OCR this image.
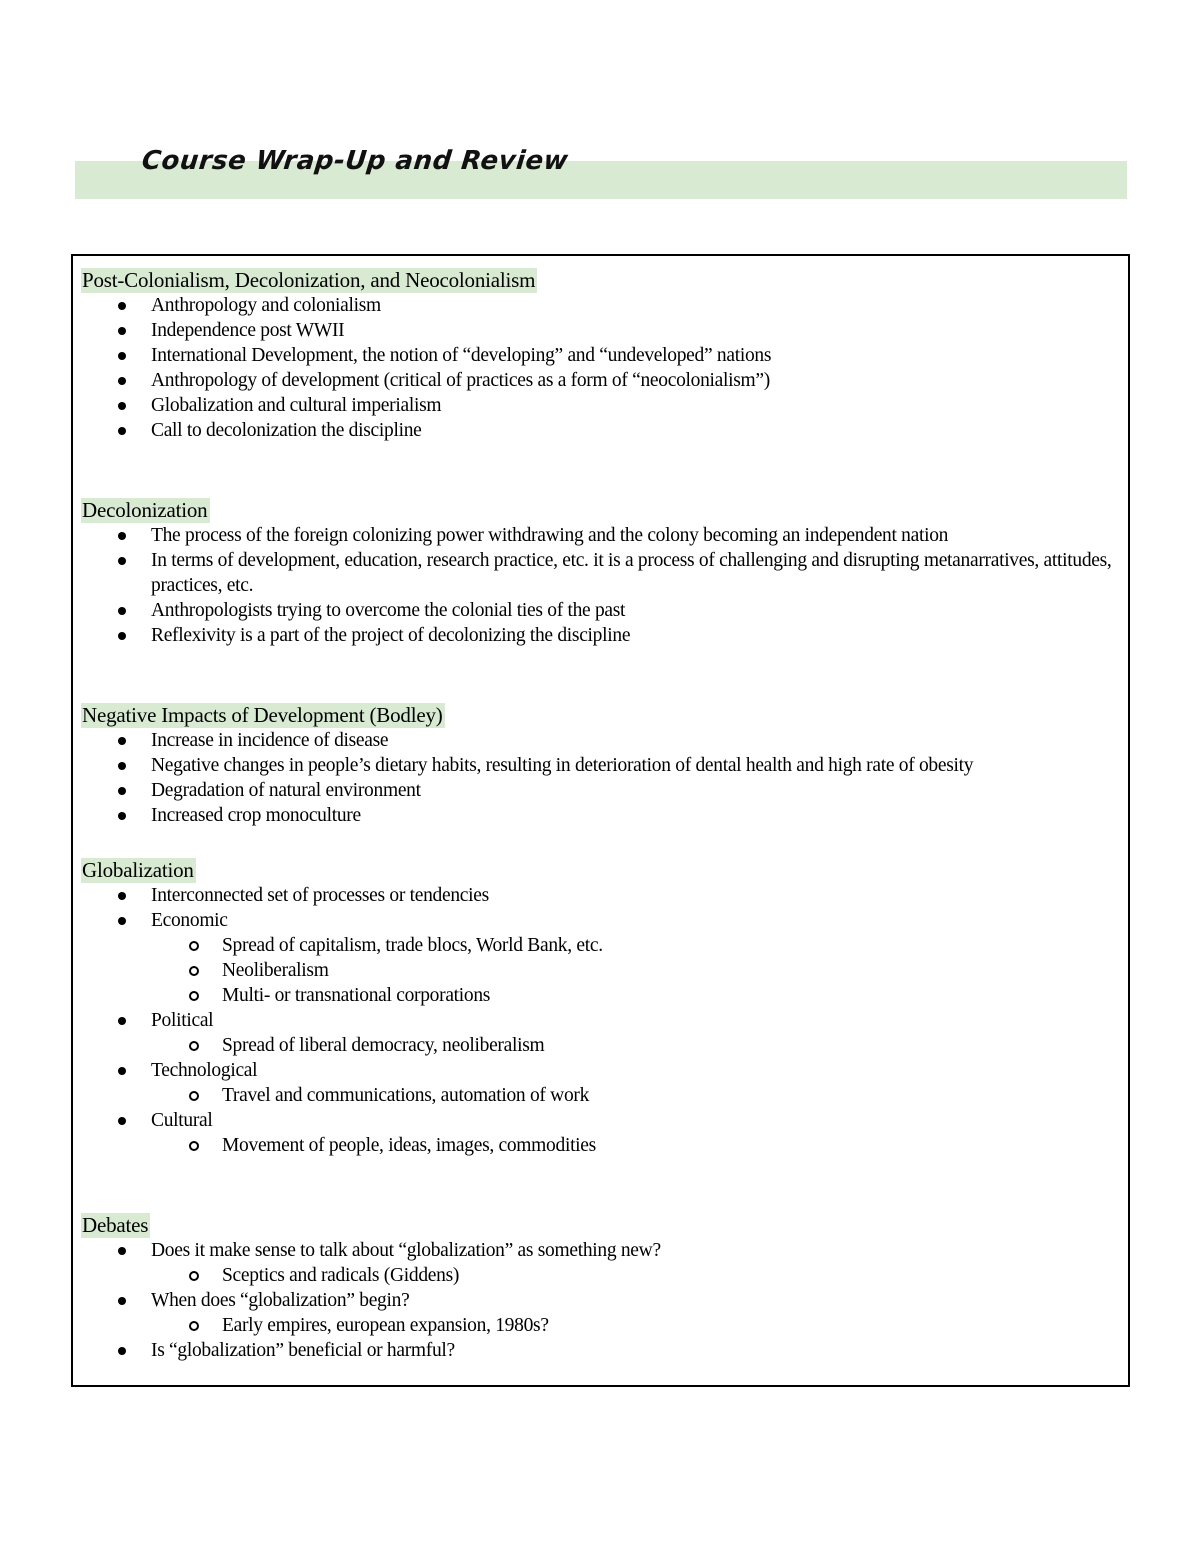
Course Wrap-Up and Review
Post-Colonialism, Decolonization, and Neocolonialism
Anthropology and colonialism
Independence post WWII
International Development, the notion of “developing” and “undeveloped” nations
Anthropology of development (critical of practices as a form of “neocolonialism”)
Globalization and cultural imperialism
Call to decolonization the discipline
Decolonization
The process of the foreign colonizing power withdrawing and the colony becoming an independent nation
In terms of development, education, research practice, etc. it is a process of challenging and disrupting metanarratives, attitudes, practices, etc.
Anthropologists trying to overcome the colonial ties of the past
Reflexivity is a part of the project of decolonizing the discipline
Negative Impacts of Development (Bodley)
Increase in incidence of disease
Negative changes in people’s dietary habits, resulting in deterioration of dental health and high rate of obesity
Degradation of natural environment
Increased crop monoculture
Globalization
Interconnected set of processes or tendencies
Economic
Spread of capitalism, trade blocs, World Bank, etc.
Neoliberalism
Multi- or transnational corporations
Political
Spread of liberal democracy, neoliberalism
Technological
Travel and communications, automation of work
Cultural
Movement of people, ideas, images, commodities
Debates
Does it make sense to talk about “globalization” as something new?
Sceptics and radicals (Giddens)
When does “globalization” begin?
Early empires, european expansion, 1980s?
Is “globalization” beneficial or harmful?
